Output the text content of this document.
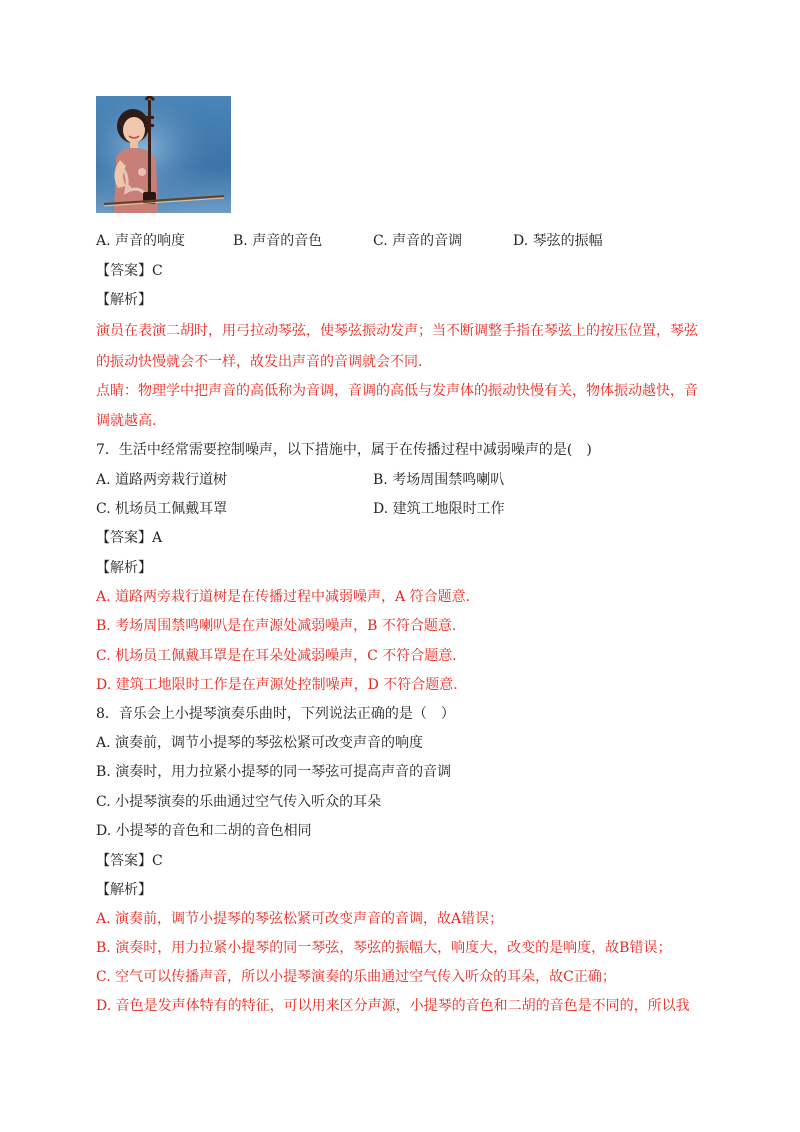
A. 声音的响度	B. 声音的音色	C. 声音的音调	D. 琴弦的振幅
【答案】C
【解析】
演员在表演二胡时，用弓拉动琴弦，使琴弦振动发声；当不断调整手指在琴弦上的按压位置，琴弦
的振动快慢就会不一样，故发出声音的音调就会不同.
点睛：物理学中把声音的高低称为音调，音调的高低与发声体的振动快慢有关，物体振动越快，音
调就越高.
7．生活中经常需要控制噪声，以下措施中，属于在传播过程中减弱噪声的是(　)
A. 道路两旁栽行道树	B. 考场周围禁鸣喇叭
C. 机场员工佩戴耳罩	D. 建筑工地限时工作
【答案】A
【解析】
A. 道路两旁栽行道树是在传播过程中减弱噪声，A 符合题意.
B. 考场周围禁鸣喇叭是在声源处减弱噪声，B 不符合题意.
C. 机场员工佩戴耳罩是在耳朵处减弱噪声，C 不符合题意.
D. 建筑工地限时工作是在声源处控制噪声，D 不符合题意.
8．音乐会上小提琴演奏乐曲时，下列说法正确的是（　）
A. 演奏前，调节小提琴的琴弦松紧可改变声音的响度
B. 演奏时，用力拉紧小提琴的同一琴弦可提高声音的音调
C. 小提琴演奏的乐曲通过空气传入听众的耳朵
D. 小提琴的音色和二胡的音色相同
【答案】C
【解析】
A. 演奏前，调节小提琴的琴弦松紧可改变声音的音调，故A错误；
B. 演奏时，用力拉紧小提琴的同一琴弦，琴弦的振幅大，响度大，改变的是响度，故B错误；
C. 空气可以传播声音，所以小提琴演奏的乐曲通过空气传入听众的耳朵，故C正确；
D. 音色是发声体特有的特征，可以用来区分声源，小提琴的音色和二胡的音色是不同的，所以我
